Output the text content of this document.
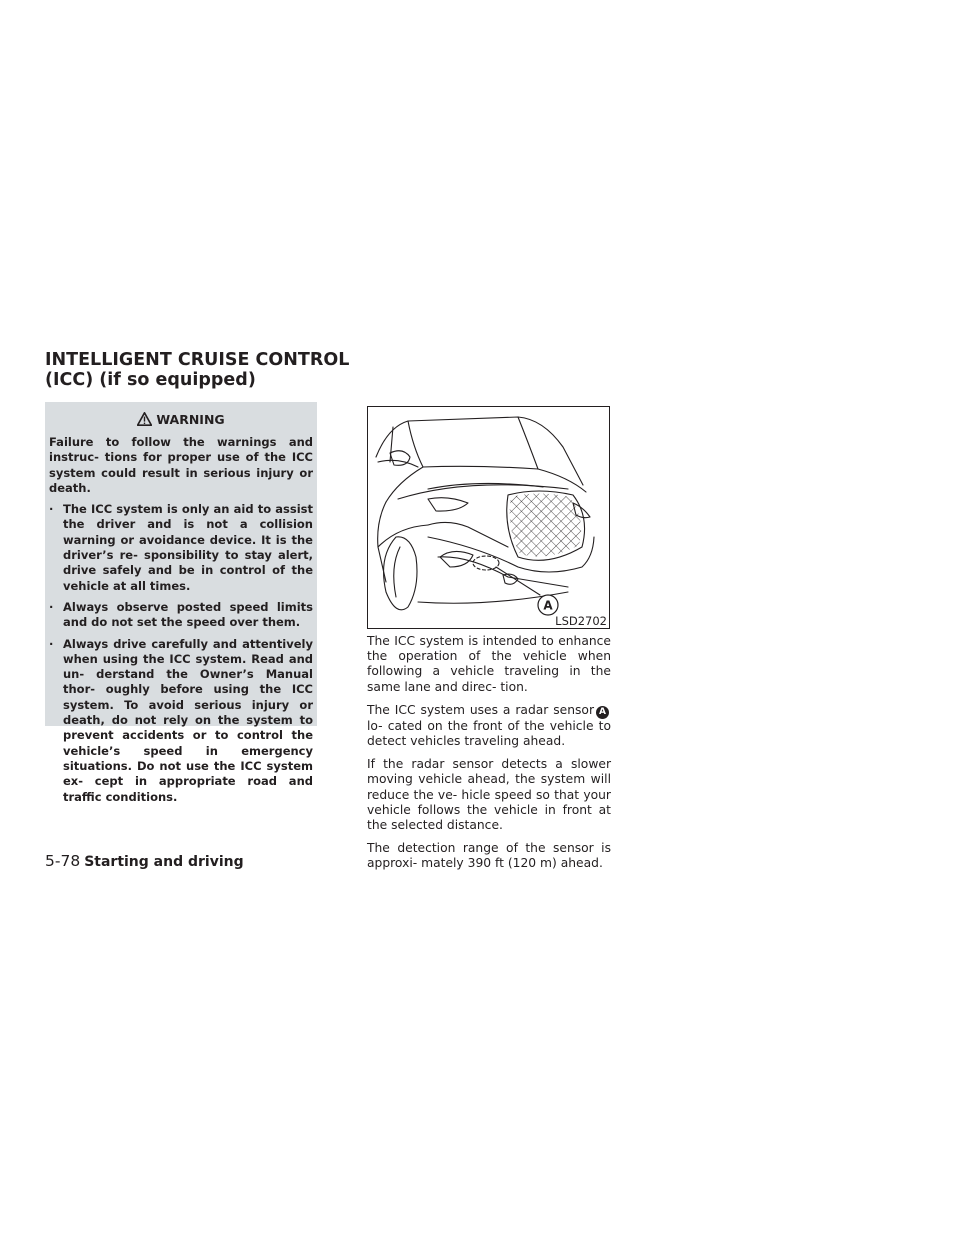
INTELLIGENT CRUISE CONTROL
(ICC) (if so equipped)
WARNING
Failure to follow the warnings and instruc- tions for proper use of the ICC system could result in serious injury or death.
· The ICC system is only an aid to assist the driver and is not a collision warning or avoidance device. It is the driver’s re- sponsibility to stay alert, drive safely and be in control of the vehicle at all times.
· Always observe posted speed limits and do not set the speed over them.
· Always drive carefully and attentively when using the ICC system. Read and un- derstand the Owner’s Manual thor- oughly before using the ICC system. To avoid serious injury or death, do not rely on the system to prevent accidents or to control the vehicle’s speed in emergency situations. Do not use the ICC system ex- cept in appropriate road and traffic conditions.
A
LSD2702

The ICC system is intended to enhance the operation of the vehicle when following a vehicle traveling in the same lane and direc- tion.

The ICC system uses a radar sensor Alo- cated on the front of the vehicle to detect vehicles traveling ahead.

If the radar sensor detects a slower moving vehicle ahead, the system will reduce the ve- hicle speed so that your vehicle follows the vehicle in front at the selected distance.

The detection range of the sensor is approxi- mately 390 ft (120 m) ahead.

5-78 Starting and driving
